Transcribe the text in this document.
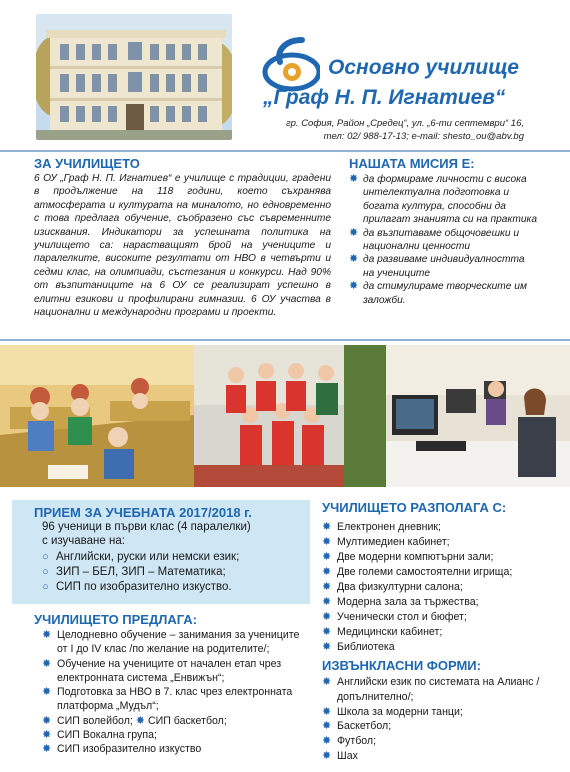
Основно училище
„Граф Н. П. Игнатиев“
гр. София, Район „Средец“, ул. „6-ти септември“ 16,
тел: 02/ 988-17-13; e-mail: shesto_ou@abv.bg
ЗА УЧИЛИЩЕТО
6 ОУ „Граф Н. П. Игнатиев“ е училище с традиции, градени в продължение на 118 години, което съхранява атмосферата и културата на миналото, но едновременно с това предлага обучение, съобразено със съвременните изисквания. Индикатори за успешната политика на училището са: нарастващият брой на учениците и паралелките, високите резултати от НВО в четвърти и седми клас, на олимпиади, състезания и конкурси. Над 90% от възпитаниците на 6 ОУ се реализират успешно в елитни езикови и профилирани гимназии. 6 ОУ участва в национални и международни програми и проекти.
НАШАТА МИСИЯ Е:
✸ да формираме личности с висока интелектуална подготовка и богата култура, способни да прилагат знанията си на практика
✸ да възпитаваме общочовешки и национални ценности
✸ да развиваме индивидуалността на учениците
✸ да стимулираме творческите им заложби.
ПРИЕМ ЗА УЧЕБНАТА 2017/2018 г.
96 ученици в първи клас (4 паралелки)
с изучаване на:
○ Английски, руски или немски език;
○ ЗИП – БЕЛ, ЗИП – Математика;
○ СИП по изобразително изкуство.
УЧИЛИЩЕТО ПРЕДЛАГА:
✸ Целодневно обучение – занимания за учениците от I до IV клас /по желание на родителите/;
✸ Обучение на учениците от начален етап чрез електронната система „Енвижън“;
✸ Подготовка за НВО в 7. клас чрез електронната платформа „Мудъл“;
✸ СИП волейбол; ✸ СИП баскетбол;
✸ СИП Вокална група;
✸ СИП изобразително изкуство
УЧИЛИЩЕТО РАЗПОЛАГА С:
✸ Електронен дневник;
✸ Мултимедиен кабинет;
✸ Две модерни компютърни зали;
✸ Две големи самостоятелни игрища;
✸ Два физкултурни салона;
✸ Модерна зала за тържества;
✸ Ученически стол и бюфет;
✸ Медицински кабинет;
✸ Библиотека
ИЗВЪНКЛАСНИ ФОРМИ:
✸ Английски език по системата на Алианс /допълнително/;
✸ Школа за модерни танци;
✸ Баскетбол;
✸ Футбол;
✸ Шах
